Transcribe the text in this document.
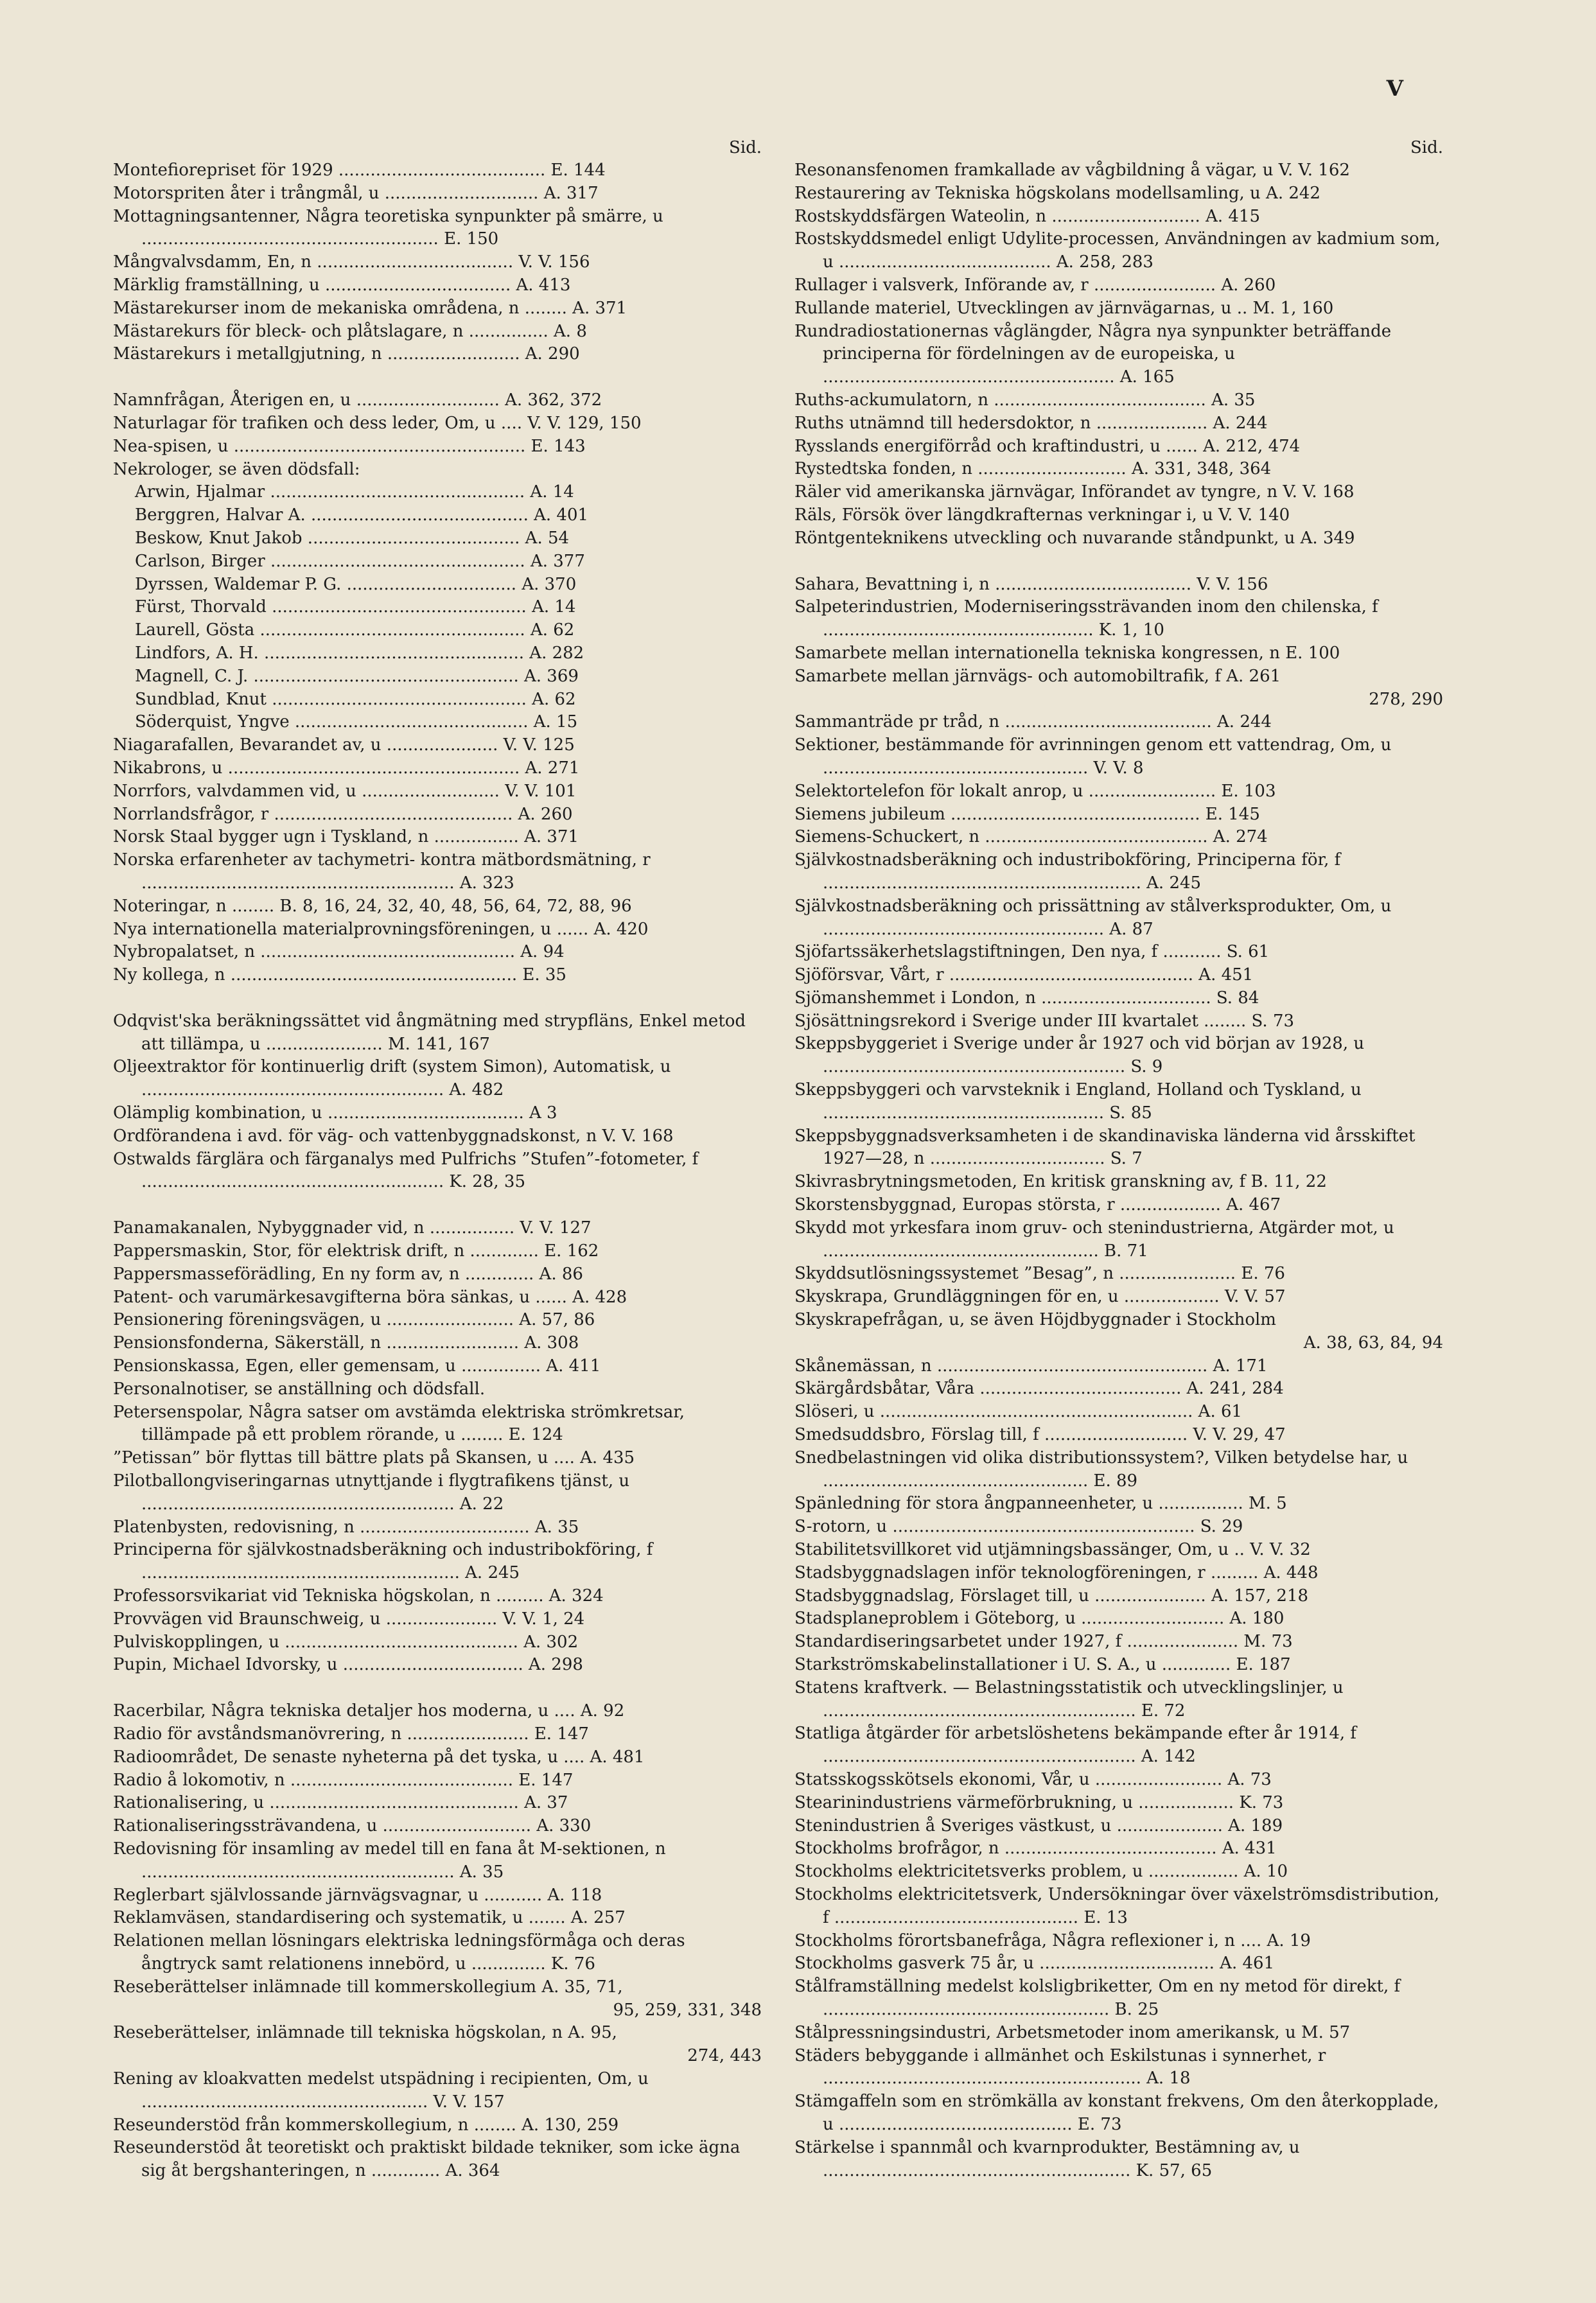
V
Sid.

Montefiorepriset för 1929 ....................................... E. 144

Motorspriten åter i trångmål, u ............................. A. 317

Mottagningsantenner, Några teoretiska synpunkter på smärre, u ........................................................ E. 150

Mångvalvsdamm, En, n ..................................... V. V. 156

Märklig framställning, u ................................... A. 413

Mästarekurser inom de mekaniska områdena, n ........ A. 371

Mästarekurs för bleck- och plåtslagare, n ............... A. 8

Mästarekurs i metallgjutning, n ......................... A. 290

Namnfrågan, Återigen en, u ........................... A. 362, 372

Naturlagar för trafiken och dess leder, Om, u .... V. V. 129, 150

Nea-spisen, u ....................................................... E. 143

Nekrologer, se även dödsfall:

Arwin, Hjalmar ................................................ A. 14

Berggren, Halvar A. ......................................... A. 401

Beskow, Knut Jakob ........................................ A. 54

Carlson, Birger ................................................ A. 377

Dyrssen, Waldemar P. G. ................................ A. 370

Fürst, Thorvald ................................................ A. 14

Laurell, Gösta .................................................. A. 62

Lindfors, A. H. ................................................. A. 282

Magnell, C. J. .................................................. A. 369

Sundblad, Knut ................................................ A. 62

Söderquist, Yngve ............................................ A. 15

Niagarafallen, Bevarandet av, u ..................... V. V. 125

Nikabrons, u ....................................................... A. 271

Norrfors, valvdammen vid, u .......................... V. V. 101

Norrlandsfrågor, r ............................................. A. 260

Norsk Staal bygger ugn i Tyskland, n ................ A. 371

Norska erfarenheter av tachymetri- kontra mätbordsmätning, r ........................................................... A. 323

Noteringar, n ........ B. 8, 16, 24, 32, 40, 48, 56, 64, 72, 88, 96

Nya internationella materialprovningsföreningen, u ...... A. 420

Nybropalatset, n ................................................ A. 94

Ny kollega, n ...................................................... E. 35

Odqvist'ska beräkningssättet vid ångmätning med strypfläns, Enkel metod att tillämpa, u ...................... M. 141, 167

Oljeextraktor för kontinuerlig drift (system Simon), Automatisk, u ......................................................... A. 482

Olämplig kombination, u ..................................... A 3

Ordförandena i avd. för väg- och vattenbyggnadskonst, n V. V. 168

Ostwalds färglära och färganalys med Pulfrichs ”Stufen”-fotometer, f ......................................................... K. 28, 35

Panamakanalen, Nybyggnader vid, n ................ V. V. 127

Pappersmaskin, Stor, för elektrisk drift, n ............. E. 162

Pappersmasseförädling, En ny form av, n ............. A. 86

Patent- och varumärkesavgifterna böra sänkas, u ...... A. 428

Pensionering föreningsvägen, u ........................ A. 57, 86

Pensionsfonderna, Säkerställ, n ......................... A. 308

Pensionskassa, Egen, eller gemensam, u ............... A. 411

Personalnotiser, se anställning och dödsfall.

Petersenspolar, Några satser om avstämda elektriska strömkretsar, tillämpade på ett problem rörande, u ........ E. 124

”Petissan” bör flyttas till bättre plats på Skansen, u .... A. 435

Pilotballongviseringarnas utnyttjande i flygtrafikens tjänst, u ........................................................... A. 22

Platenbysten, redovisning, n ................................ A. 35

Principerna för självkostnadsberäkning och industribokföring, f ............................................................ A. 245

Professorsvikariat vid Tekniska högskolan, n ......... A. 324

Provvägen vid Braunschweig, u ..................... V. V. 1, 24

Pulviskopplingen, u ............................................ A. 302

Pupin, Michael Idvorsky, u .................................. A. 298

Racerbilar, Några tekniska detaljer hos moderna, u .... A. 92

Radio för avståndsmanövrering, n ....................... E. 147

Radioområdet, De senaste nyheterna på det tyska, u .... A. 481

Radio å lokomotiv, n .......................................... E. 147

Rationalisering, u ............................................... A. 37

Rationaliseringssträvandena, u ............................ A. 330

Redovisning för insamling av medel till en fana åt M-sektionen, n ........................................................... A. 35

Reglerbart självlossande järnvägsvagnar, u ........... A. 118

Reklamväsen, standardisering och systematik, u ....... A. 257

Relationen mellan lösningars elektriska ledningsförmåga och deras ångtryck samt relationens innebörd, u .............. K. 76

Reseberättelser inlämnade till kommerskollegium A. 35, 71,

95, 259, 331, 348

Reseberättelser, inlämnade till tekniska högskolan, n A. 95,

274, 443

Rening av kloakvatten medelst utspädning i recipienten, Om, u ...................................................... V. V. 157

Reseunderstöd från kommerskollegium, n ........ A. 130, 259

Reseunderstöd åt teoretiskt och praktiskt bildade tekniker, som icke ägna sig åt bergshanteringen, n ............. A. 364

Sid.

Resonansfenomen framkallade av vågbildning å vägar, u V. V. 162

Restaurering av Tekniska högskolans modellsamling, u A. 242

Rostskyddsfärgen Wateolin, n ............................ A. 415

Rostskyddsmedel enligt Udylite-processen, Användningen av kadmium som, u ........................................ A. 258, 283

Rullager i valsverk, Införande av, r ....................... A. 260

Rullande materiel, Utvecklingen av järnvägarnas, u .. M. 1, 160

Rundradiostationernas våglängder, Några nya synpunkter beträffande principerna för fördelningen av de europeiska, u ....................................................... A. 165

Ruths-ackumulatorn, n ........................................ A. 35

Ruths utnämnd till hedersdoktor, n ..................... A. 244

Rysslands energiförråd och kraftindustri, u ...... A. 212, 474

Rystedtska fonden, n ............................ A. 331, 348, 364

Räler vid amerikanska järnvägar, Införandet av tyngre, n V. V. 168

Räls, Försök över längdkrafternas verkningar i, u V. V. 140

Röntgenteknikens utveckling och nuvarande ståndpunkt, u A. 349

Sahara, Bevattning i, n ..................................... V. V. 156

Salpeterindustrien, Moderniseringssträvanden inom den chilenska, f ................................................... K. 1, 10

Samarbete mellan internationella tekniska kongressen, n E. 100

Samarbete mellan järnvägs- och automobiltrafik, f A. 261

278, 290

Sammanträde pr tråd, n ....................................... A. 244

Sektioner, bestämmande för avrinningen genom ett vattendrag, Om, u .................................................. V. V. 8

Selektortelefon för lokalt anrop, u ........................ E. 103

Siemens jubileum ............................................... E. 145

Siemens-Schuckert, n .......................................... A. 274

Självkostnadsberäkning och industribokföring, Principerna för, f ............................................................ A. 245

Självkostnadsberäkning och prissättning av stålverksprodukter, Om, u ..................................................... A. 87

Sjöfartssäkerhetslagstiftningen, Den nya, f ........... S. 61

Sjöförsvar, Vårt, r .............................................. A. 451

Sjömanshemmet i London, n ................................ S. 84

Sjösättningsrekord i Sverige under III kvartalet ........ S. 73

Skeppsbyggeriet i Sverige under år 1927 och vid början av 1928, u ......................................................... S. 9

Skeppsbyggeri och varvsteknik i England, Holland och Tyskland, u ..................................................... S. 85

Skeppsbyggnadsverksamheten i de skandinaviska länderna vid årsskiftet 1927—28, n ................................. S. 7

Skivrasbrytningsmetoden, En kritisk granskning av, f B. 11, 22

Skorstensbyggnad, Europas största, r ................... A. 467

Skydd mot yrkesfara inom gruv- och stenindustrierna, Atgärder mot, u .................................................... B. 71

Skyddsutlösningssystemet ”Besag”, n ...................... E. 76

Skyskrapa, Grundläggningen för en, u .................. V. V. 57

Skyskrapefrågan, u, se även Höjdbyggnader i Stockholm

A. 38, 63, 84, 94

Skånemässan, n ................................................... A. 171

Skärgårdsbåtar, Våra ...................................... A. 241, 284

Slöseri, u ........................................................... A. 61

Smedsuddsbro, Förslag till, f ........................... V. V. 29, 47

Snedbelastningen vid olika distributionssystem?, Vilken betydelse har, u .................................................. E. 89

Spänledning för stora ångpanneenheter, u ................ M. 5

S-rotorn, u ......................................................... S. 29

Stabilitetsvillkoret vid utjämningsbassänger, Om, u .. V. V. 32

Stadsbyggnadslagen inför teknologföreningen, r ......... A. 448

Stadsbyggnadslag, Förslaget till, u ..................... A. 157, 218

Stadsplaneproblem i Göteborg, u ........................... A. 180

Standardiseringsarbetet under 1927, f ..................... M. 73

Starkströmskabelinstallationer i U. S. A., u ............. E. 187

Statens kraftverk. — Belastningsstatistik och utvecklingslinjer, u ........................................................... E. 72

Statliga åtgärder för arbetslöshetens bekämpande efter år 1914, f ........................................................... A. 142

Statsskogsskötsels ekonomi, Vår, u ........................ A. 73

Stearinindustriens värmeförbrukning, u .................. K. 73

Stenindustrien å Sveriges västkust, u .................... A. 189

Stockholms brofrågor, n ........................................ A. 431

Stockholms elektricitetsverks problem, u ................. A. 10

Stockholms elektricitetsverk, Undersökningar över växelströmsdistribution, f .............................................. E. 13

Stockholms förortsbanefråga, Några reflexioner i, n .... A. 19

Stockholms gasverk 75 år, u ................................. A. 461

Stålframställning medelst kolsligbriketter, Om en ny metod för direkt, f ...................................................... B. 25

Stålpressningsindustri, Arbetsmetoder inom amerikansk, u M. 57

Städers bebyggande i allmänhet och Eskilstunas i synnerhet, r ............................................................ A. 18

Stämgaffeln som en strömkälla av konstant frekvens, Om den återkopplade, u ............................................ E. 73

Stärkelse i spannmål och kvarnprodukter, Bestämning av, u .......................................................... K. 57, 65
